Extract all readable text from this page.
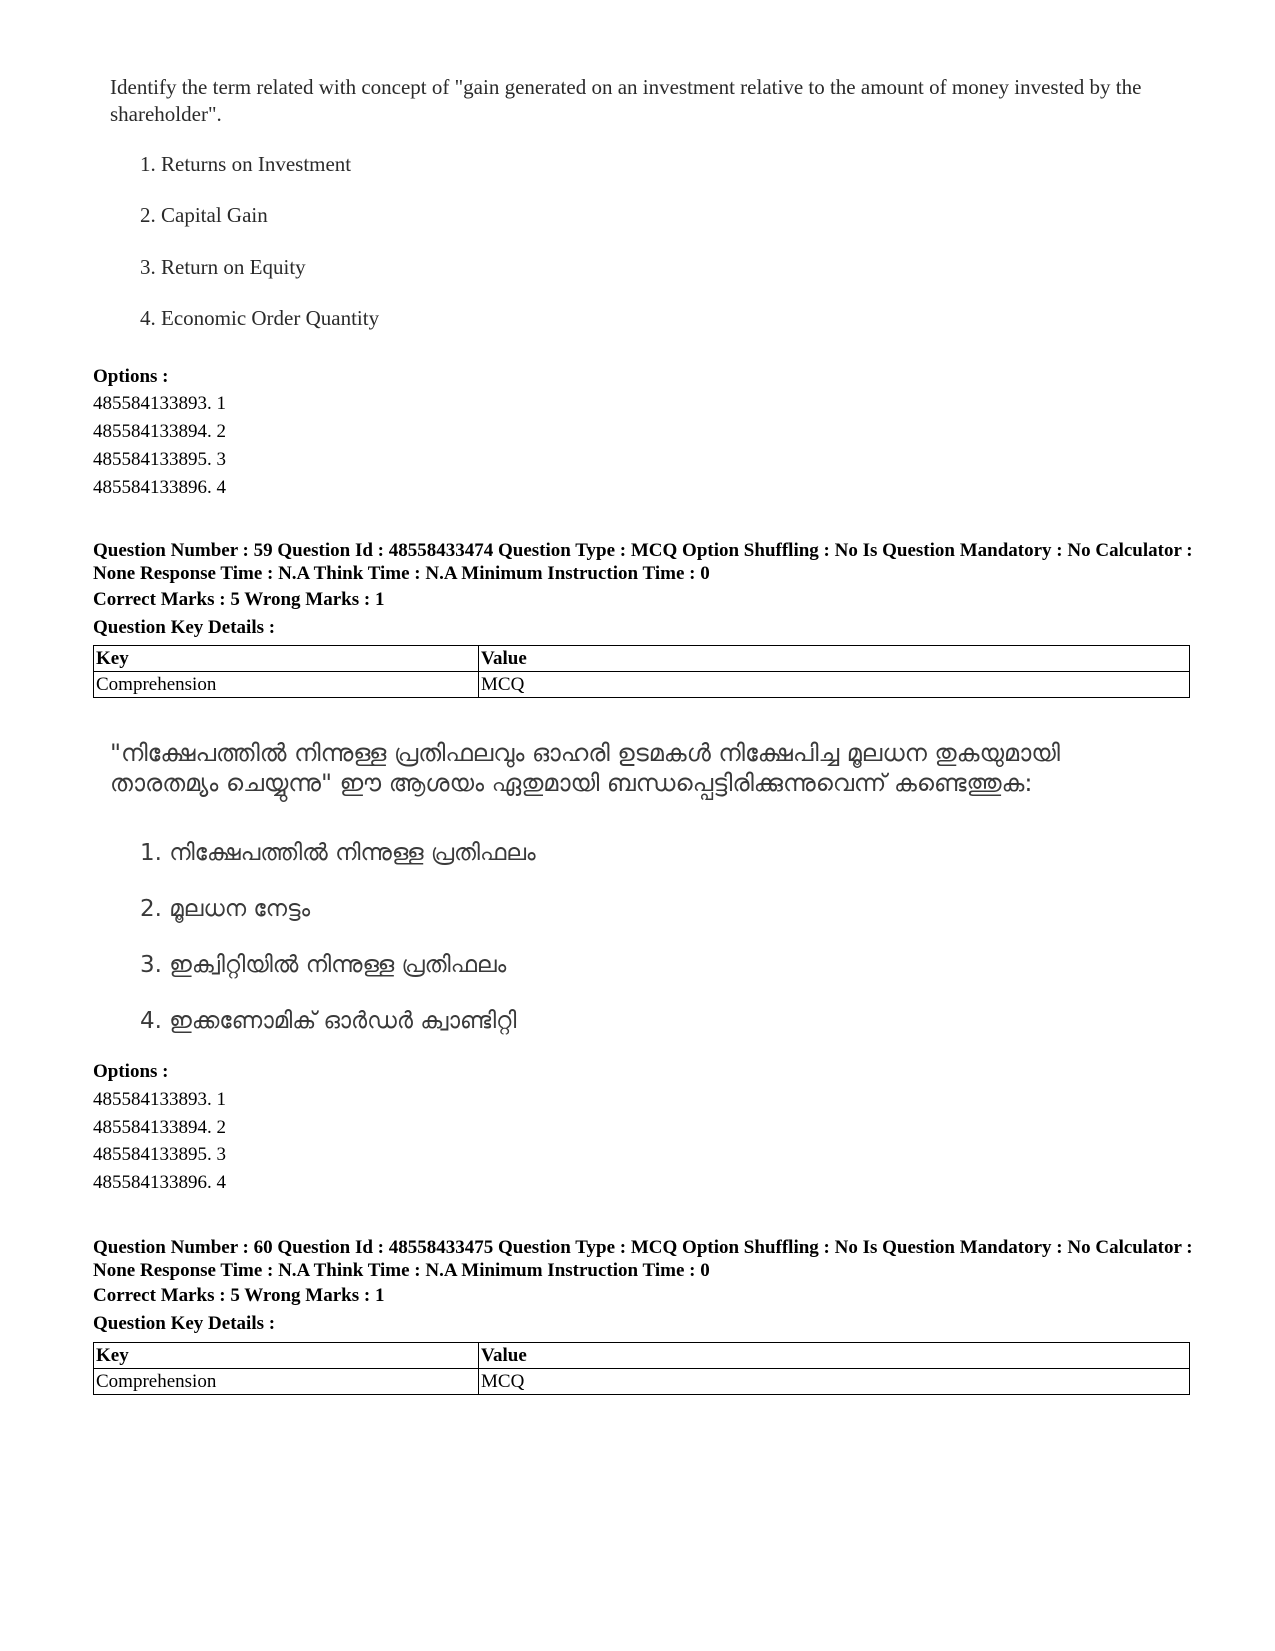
Identify the term related with concept of "gain generated on an investment relative to the amount of money invested by the shareholder".

1. Returns on Investment

2. Capital Gain

3. Return on Equity

4. Economic Order Quantity

Options :

485584133893. 1

485584133894. 2

485584133895. 3

485584133896. 4

Question Number : 59 Question Id : 48558433474 Question Type : MCQ Option Shuffling : No Is Question Mandatory : No Calculator : None Response Time : N.A Think Time : N.A Minimum Instruction Time : 0

Correct Marks : 5 Wrong Marks : 1

Question Key Details :

Key	Value
Comprehension	MCQ

"നിക്ഷേപത്തിൽ നിന്നുള്ള പ്രതിഫലവും ഓഹരി ഉടമകൾ നിക്ഷേപിച്ച മൂലധന തുകയുമായി താരതമ്യം ചെയ്യുന്നു" ഈ ആശയം ഏതുമായി ബന്ധപ്പെട്ടിരിക്കുന്നുവെന്ന് കണ്ടെത്തുക:

1. നിക്ഷേപത്തിൽ നിന്നുള്ള പ്രതിഫലം

2. മൂലധന നേട്ടം

3. ഇക്വിറ്റിയിൽ നിന്നുള്ള പ്രതിഫലം

4. ഇക്കണോമിക് ഓർഡർ ക്വാണ്ടിറ്റി

Options :

485584133893. 1

485584133894. 2

485584133895. 3

485584133896. 4

Question Number : 60 Question Id : 48558433475 Question Type : MCQ Option Shuffling : No Is Question Mandatory : No Calculator : None Response Time : N.A Think Time : N.A Minimum Instruction Time : 0

Correct Marks : 5 Wrong Marks : 1

Question Key Details :

Key	Value
Comprehension	MCQ
